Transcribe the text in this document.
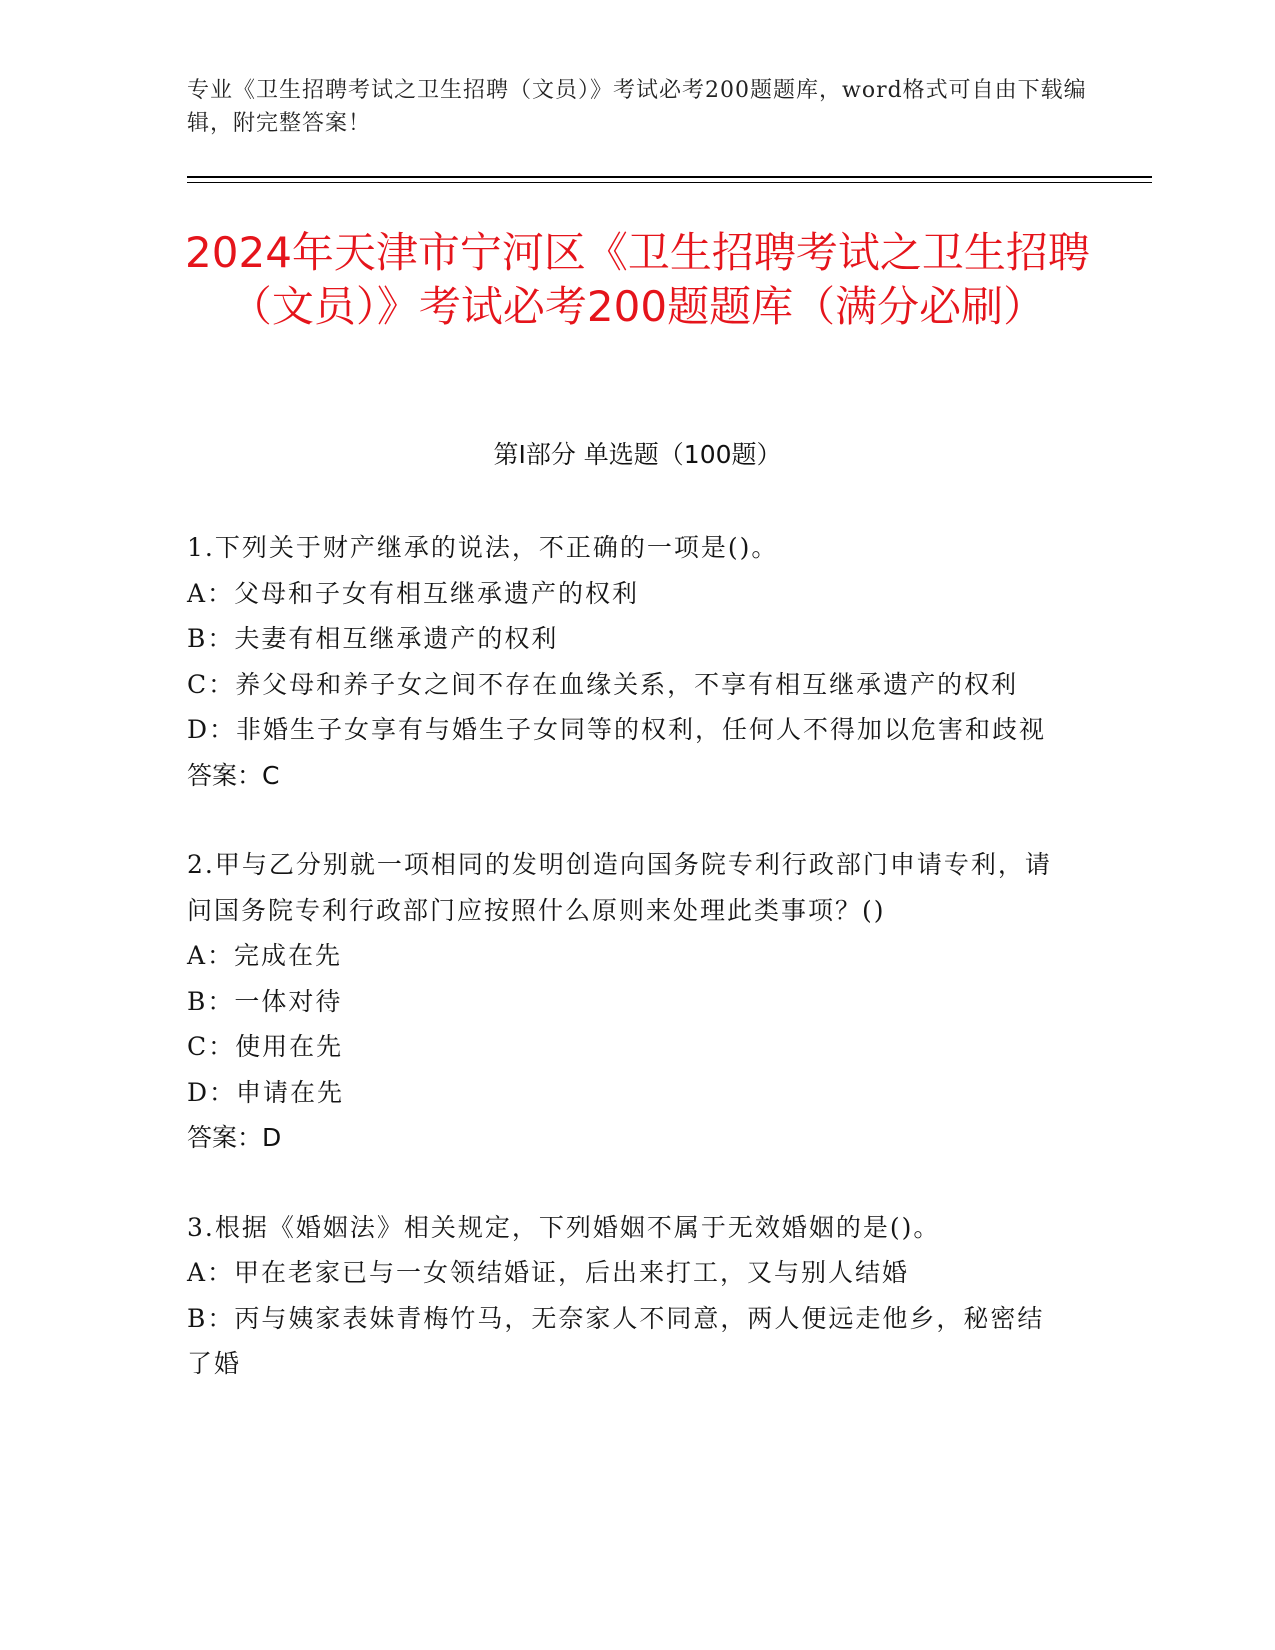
专业《卫生招聘考试之卫生招聘（文员）》考试必考200题题库，word格式可自由下载编辑，附完整答案！
2024年天津市宁河区《卫生招聘考试之卫生招聘（文员）》考试必考200题题库（满分必刷）
第I部分 单选题（100题）
1.下列关于财产继承的说法，不正确的一项是()。
A：父母和子女有相互继承遗产的权利
B：夫妻有相互继承遗产的权利
C：养父母和养子女之间不存在血缘关系，不享有相互继承遗产的权利
D：非婚生子女享有与婚生子女同等的权利，任何人不得加以危害和歧视
答案：C
2.甲与乙分别就一项相同的发明创造向国务院专利行政部门申请专利，请问国务院专利行政部门应按照什么原则来处理此类事项？()
A：完成在先
B：一体对待
C：使用在先
D：申请在先
答案：D
3.根据《婚姻法》相关规定，下列婚姻不属于无效婚姻的是()。
A：甲在老家已与一女领结婚证，后出来打工，又与别人结婚
B：丙与姨家表妹青梅竹马，无奈家人不同意，两人便远走他乡，秘密结了婚
